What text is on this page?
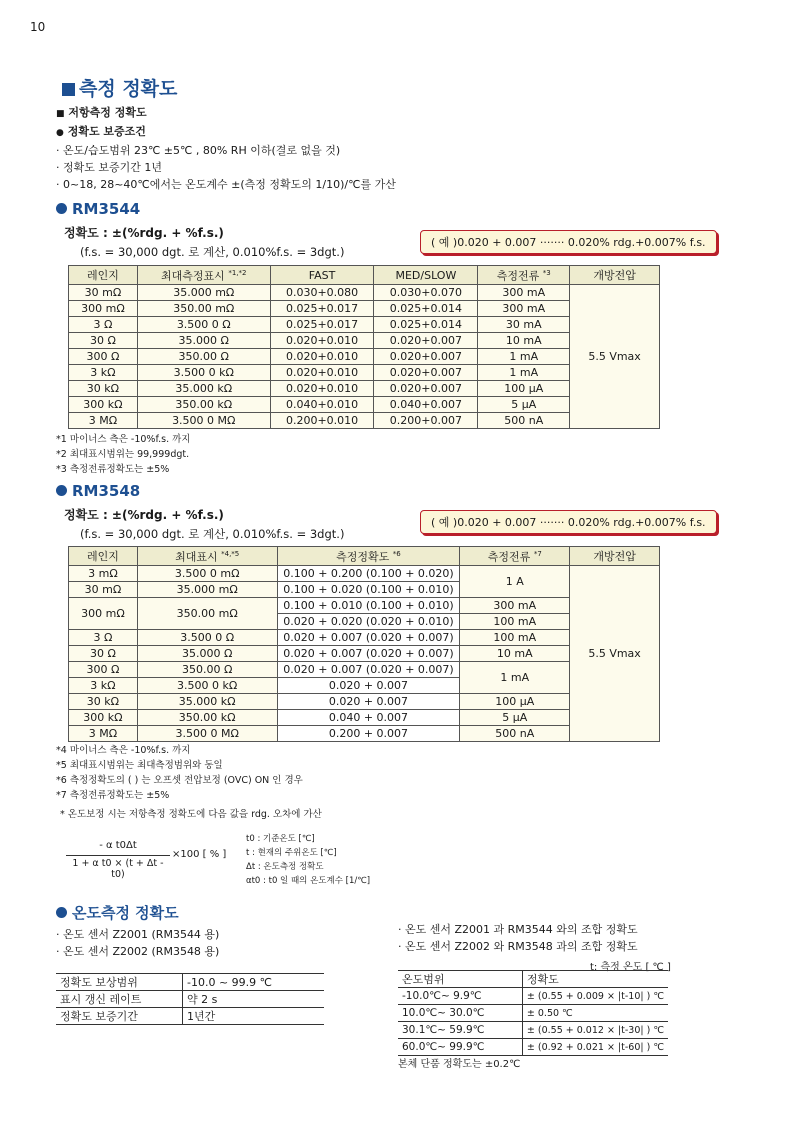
10
측정 정확도
■ 저항측정 정확도
● 정확도 보증조건
· 온도/습도범위 23℃ ±5℃ , 80% RH 이하(결로 없을 것)
· 정확도 보증기간 1년
· 0~18, 28~40℃에서는 온도계수 ±(측정 정확도의 1/10)/℃를 가산
RM3544
정확도 : ±(%rdg. + %f.s.)
(f.s. = 30,000 dgt. 로 계산, 0.010%f.s. = 3dgt.)
( 예 )0.020 + 0.007 ······· 0.020% rdg.+0.007% f.s.
레인지	최대측정표시 $^{*1,*2}$	FAST	MED/SLOW	측정전류 $^{*3}$	개방전압
30 mΩ	35.000 mΩ	0.030+0.080	0.030+0.070	300 mA	5.5 Vmax
300 mΩ	350.00 mΩ	0.025+0.017	0.025+0.014	300 mA	
3 Ω	3.500 0 Ω	0.025+0.017	0.025+0.014	30 mA	
30 Ω	35.000 Ω	0.020+0.010	0.020+0.007	10 mA	
300 Ω	350.00 Ω	0.020+0.010	0.020+0.007	1 mA	
3 kΩ	3.500 0 kΩ	0.020+0.010	0.020+0.007	1 mA	
30 kΩ	35.000 kΩ	0.020+0.010	0.020+0.007	100 μA	
300 kΩ	350.00 kΩ	0.040+0.010	0.040+0.007	5 μA	
3 MΩ	3.500 0 MΩ	0.200+0.010	0.200+0.007	500 nA	
*1 마이너스 측은 -10%f.s. 까지
*2 최대표시범위는 99,999dgt.
*3 측정전류정확도는 ±5%
RM3548
정확도 : ±(%rdg. + %f.s.)
(f.s. = 30,000 dgt. 로 계산, 0.010%f.s. = 3dgt.)
( 예 )0.020 + 0.007 ······· 0.020% rdg.+0.007% f.s.
레인지	최대표시 $^{*4,*5}$	측정정확도 $^{*6}$	측정전류 $^{*7}$	개방전압
3 mΩ	3.500 0 mΩ	0.100 + 0.200 (0.100 + 0.020)	1 A	5.5 Vmax
30 mΩ	35.000 mΩ	0.100 + 0.020 (0.100 + 0.010)		
300 mΩ	350.00 mΩ	0.100 + 0.010 (0.100 + 0.010)	300 mA	
		0.020 + 0.020 (0.020 + 0.010)	100 mA	
3 Ω	3.500 0 Ω	0.020 + 0.007 (0.020 + 0.007)	100 mA	
30 Ω	35.000 Ω	0.020 + 0.007 (0.020 + 0.007)	10 mA	
300 Ω	350.00 Ω	0.020 + 0.007 (0.020 + 0.007)	1 mA	
3 kΩ	3.500 0 kΩ	0.020 + 0.007		
30 kΩ	35.000 kΩ	0.020 + 0.007	100 μA	
300 kΩ	350.00 kΩ	0.040 + 0.007	5 μA	
3 MΩ	3.500 0 MΩ	0.200 + 0.007	500 nA	
*4 마이너스 측은 -10%f.s. 까지
*5 최대표시범위는 최대측정범위와 동일
*6 측정정확도의 ( ) 는 오프셋 전압보정 (OVC) ON 인 경우
*7 측정전류정확도는 ±5%
* 온도보정 시는 저항측정 정확도에 다음 값을 rdg. 오차에 가산
- α t0Δt
1 + α t0 × (t + Δt - t0)
×100 [ % ]
t0 : 기준온도 [℃]
t : 현재의 주위온도 [℃]
Δt : 온도측정 정확도
αt0 : t0 일 때의 온도계수 [1/℃]
온도측정 정확도
· 온도 센서 Z2001 (RM3544 용)
· 온도 센서 Z2002 (RM3548 용)
· 온도 센서 Z2001 과 RM3544 와의 조합 정확도
· 온도 센서 Z2002 와 RM3548 과의 조합 정확도
정확도 보상범위	-10.0 ~ 99.9 ℃
표시 갱신 레이트	약 2 s
정확도 보증기간	1년간
t: 측정 온도 [ ℃ ]
온도범위	정확도
-10.0℃~ 9.9℃	± (0.55 + 0.009 × |t-10| ) ℃
10.0℃~ 30.0℃	± 0.50 ℃
30.1℃~ 59.9℃	± (0.55 + 0.012 × |t-30| ) ℃
60.0℃~ 99.9℃	± (0.92 + 0.021 × |t-60| ) ℃
본체 단품 정확도는 ±0.2℃
